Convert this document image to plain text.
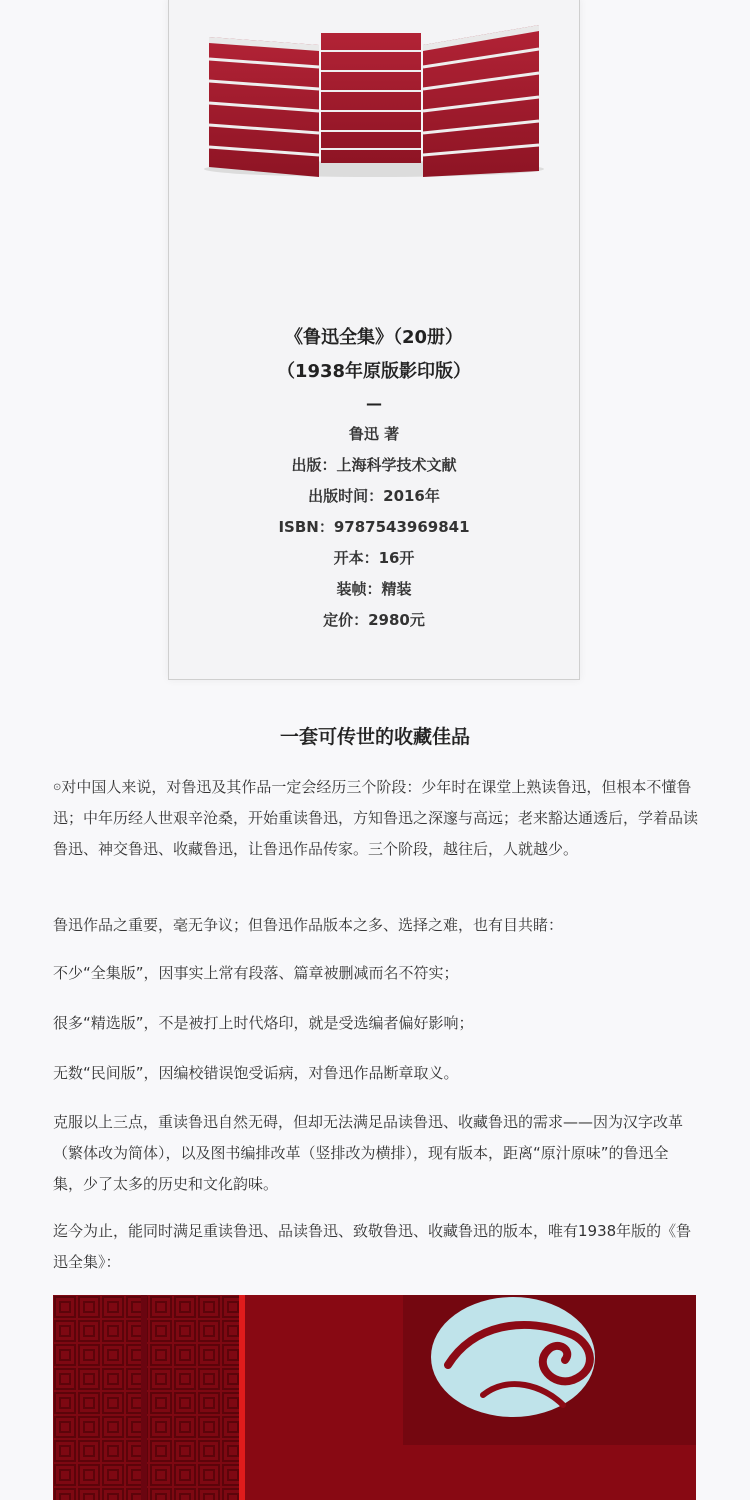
《鲁迅全集》（20册）
（1938年原版影印版）
—
鲁迅 著
出版：上海科学技术文献
出版时间：2016年
ISBN：9787543969841
开本：16开
装帧：精装
定价：2980元
一套可传世的收藏佳品

⊙对中国人来说，对鲁迅及其作品一定会经历三个阶段：少年时在课堂上熟读鲁迅，但根本不懂鲁迅；中年历经人世艰辛沧桑，开始重读鲁迅，方知鲁迅之深邃与高远；老来豁达通透后，学着品读鲁迅、神交鲁迅、收藏鲁迅，让鲁迅作品传家。三个阶段，越往后，人就越少。

鲁迅作品之重要，毫无争议；但鲁迅作品版本之多、选择之难，也有目共睹：

不少“全集版”，因事实上常有段落、篇章被删减而名不符实；

很多“精选版”，不是被打上时代烙印，就是受选编者偏好影响；

无数“民间版”，因编校错误饱受诟病，对鲁迅作品断章取义。

克服以上三点，重读鲁迅自然无碍，但却无法满足品读鲁迅、收藏鲁迅的需求——因为汉字改革（繁体改为简体），以及图书编排改革（竖排改为横排），现有版本，距离“原汁原味”的鲁迅全集，少了太多的历史和文化韵味。

迄今为止，能同时满足重读鲁迅、品读鲁迅、致敬鲁迅、收藏鲁迅的版本，唯有1938年版的《鲁迅全集》：
